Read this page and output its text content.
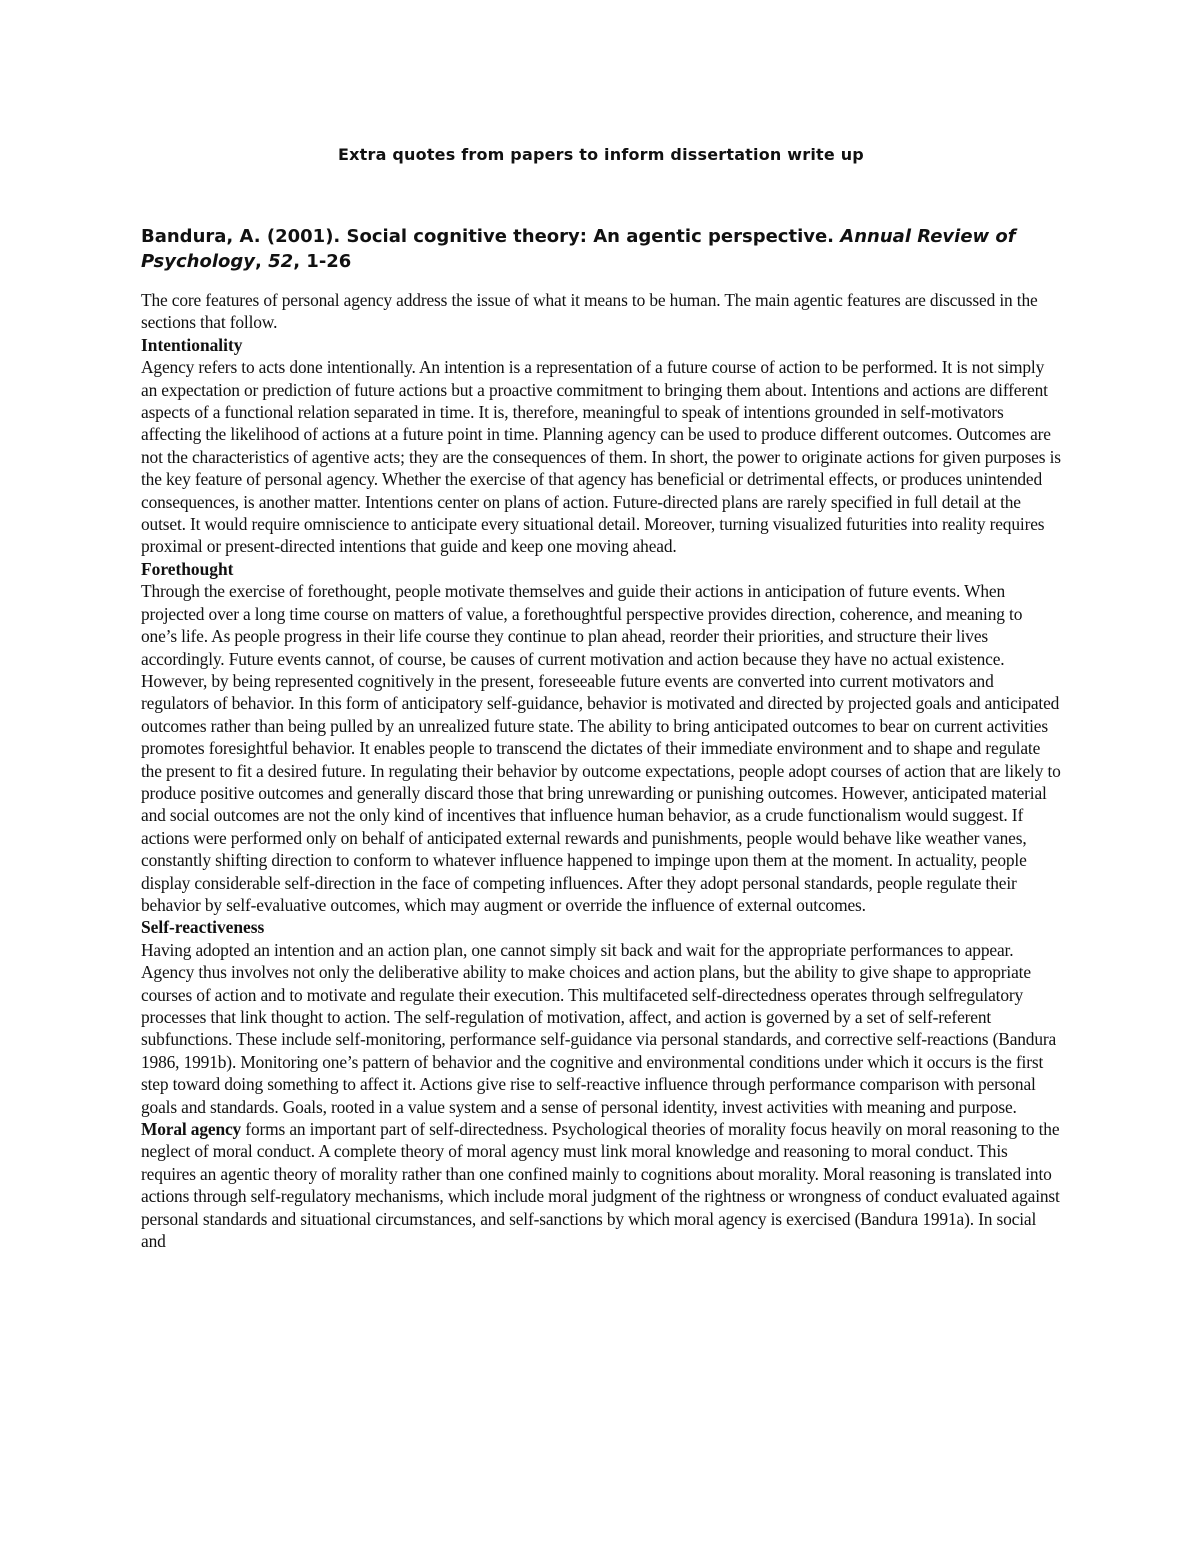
Extra quotes from papers to inform dissertation write up

Bandura, A. (2001). Social cognitive theory: An agentic perspective. Annual Review of Psychology, 52, 1-26

The core features of personal agency address the issue of what it means to be human. The main agentic features are discussed in the sections that follow.

Intentionality

Agency refers to acts done intentionally. An intention is a representation of a future course of action to be performed. It is not simply an expectation or prediction of future actions but a proactive commitment to bringing them about. Intentions and actions are different aspects of a functional relation separated in time. It is, therefore, meaningful to speak of intentions grounded in self-motivators affecting the likelihood of actions at a future point in time. Planning agency can be used to produce different outcomes. Outcomes are not the characteristics of agentive acts; they are the consequences of them. In short, the power to originate actions for given purposes is the key feature of personal agency. Whether the exercise of that agency has beneficial or detrimental effects, or produces unintended consequences, is another matter. Intentions center on plans of action. Future-directed plans are rarely specified in full detail at the outset. It would require omniscience to anticipate every situational detail. Moreover, turning visualized futurities into reality requires proximal or present-directed intentions that guide and keep one moving ahead.

Forethought

Through the exercise of forethought, people motivate themselves and guide their actions in anticipation of future events. When projected over a long time course on matters of value, a forethoughtful perspective provides direction, coherence, and meaning to one’s life. As people progress in their life course they continue to plan ahead, reorder their priorities, and structure their lives accordingly. Future events cannot, of course, be causes of current motivation and action because they have no actual existence. However, by being represented cognitively in the present, foreseeable future events are converted into current motivators and regulators of behavior. In this form of anticipatory self-guidance, behavior is motivated and directed by projected goals and anticipated outcomes rather than being pulled by an unrealized future state. The ability to bring anticipated outcomes to bear on current activities promotes foresightful behavior. It enables people to transcend the dictates of their immediate environment and to shape and regulate the present to fit a desired future. In regulating their behavior by outcome expectations, people adopt courses of action that are likely to produce positive outcomes and generally discard those that bring unrewarding or punishing outcomes. However, anticipated material and social outcomes are not the only kind of incentives that influence human behavior, as a crude functionalism would suggest. If actions were performed only on behalf of anticipated external rewards and punishments, people would behave like weather vanes, constantly shifting direction to conform to whatever influence happened to impinge upon them at the moment. In actuality, people display considerable self-direction in the face of competing influences. After they adopt personal standards, people regulate their behavior by self-evaluative outcomes, which may augment or override the influence of external outcomes.

Self-reactiveness

Having adopted an intention and an action plan, one cannot simply sit back and wait for the appropriate performances to appear. Agency thus involves not only the deliberative ability to make choices and action plans, but the ability to give shape to appropriate courses of action and to motivate and regulate their execution. This multifaceted self-directedness operates through selfregulatory processes that link thought to action. The self-regulation of motivation, affect, and action is governed by a set of self-referent subfunctions. These include self-monitoring, performance self-guidance via personal standards, and corrective self-reactions (Bandura 1986, 1991b). Monitoring one’s pattern of behavior and the cognitive and environmental conditions under which it occurs is the first step toward doing something to affect it. Actions give rise to self-reactive influence through performance comparison with personal goals and standards. Goals, rooted in a value system and a sense of personal identity, invest activities with meaning and purpose.

Moral agency forms an important part of self-directedness. Psychological theories of morality focus heavily on moral reasoning to the neglect of moral conduct. A complete theory of moral agency must link moral knowledge and reasoning to moral conduct. This requires an agentic theory of morality rather than one confined mainly to cognitions about morality. Moral reasoning is translated into actions through self-regulatory mechanisms, which include moral judgment of the rightness or wrongness of conduct evaluated against personal standards and situational circumstances, and self-sanctions by which moral agency is exercised (Bandura 1991a). In social and
